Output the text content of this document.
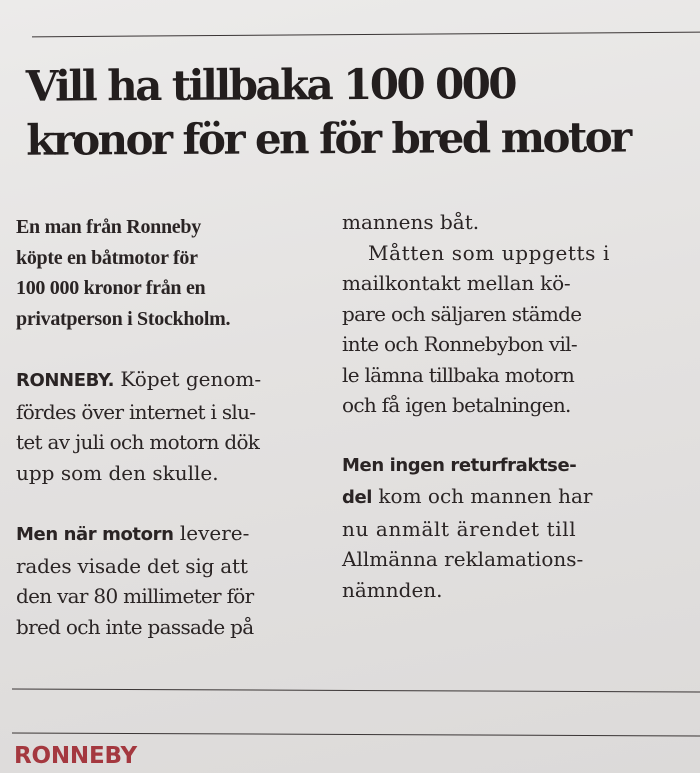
Vill ha tillbaka 100 000
kronor för en för bred motor
En man från Ronneby
köpte en båtmotor för
100 000 kronor från en
privatperson i Stockholm.
RONNEBY. Köpet genom-
fördes över internet i slu-
tet av juli och motorn dök
upp som den skulle.
Men när motorn levere-
rades visade det sig att
den var 80 millimeter för
bred och inte passade på
mannens båt.
Måtten som uppgetts i
mailkontakt mellan kö-
pare och säljaren stämde
inte och Ronnebybon vil-
le lämna tillbaka motorn
och få igen betalningen.
Men ingen returfraktse-
del kom och mannen har
nu anmält ärendet till
Allmänna reklamations-
nämnden.
RONNEBY
